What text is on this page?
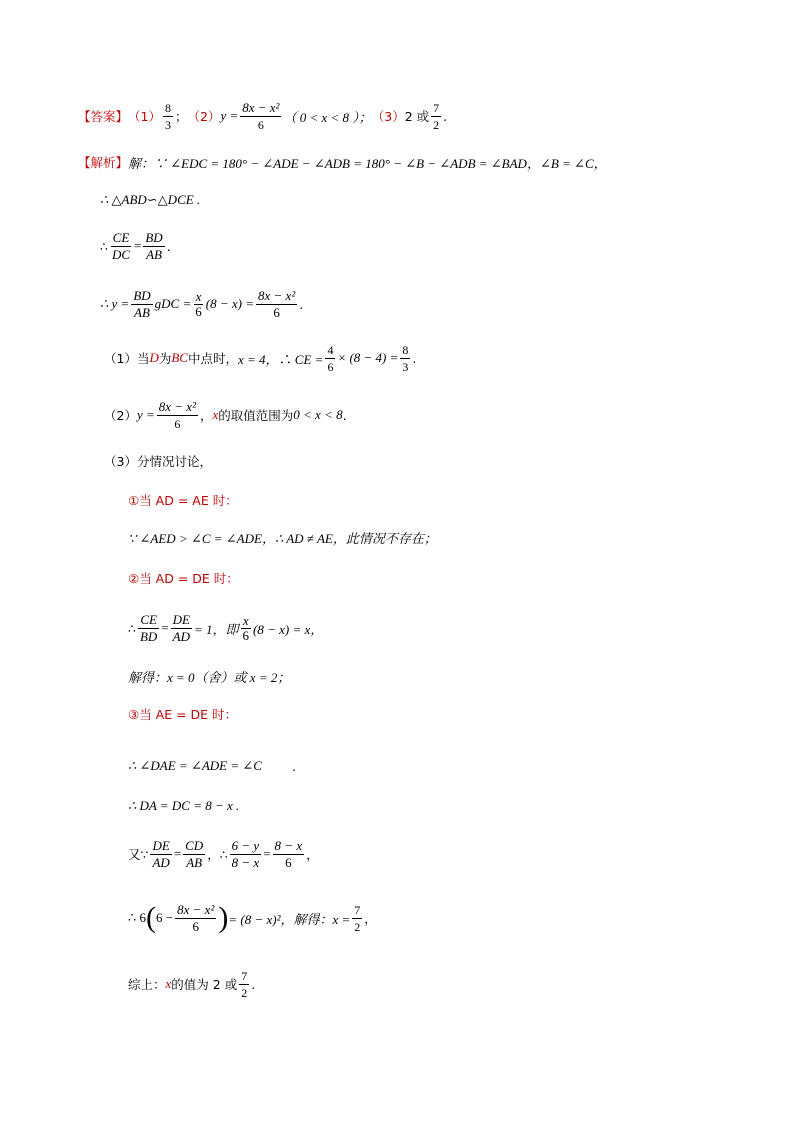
【答案】 $(1) \frac{8}{3}$ ； （2） $y = \frac{\text{8x − x²}}{6}$ （ 0 < x < 8 ）； （3） 2 或 $\frac{7}{2}$ .
【解析】 解：∵ ∠EDC = 180° − ∠ADE − ∠ADB = 180° − ∠B − ∠ADB = ∠BAD，∠B = ∠C，
∴ △ABD∽△DCE .
∴ $\frac{CE}{DC} = \frac{BD}{AB}$ .
∴ $y = \frac{BD}{AB}$ gDC = $\frac{x}{6} (8 - x) = \frac{\text{8x − x²}}{6}$ .
（1）当 D 为 BC 中点时， x = 4，∴ CE = $\frac{4}{6} \times (8 - 4) = \frac{8}{3}$ .
（2） $y = \frac{\text{8x − x²}}{6}$ ， x 的取值范围为 0 < x < 8 .
（3）分情况讨论，
①当 AD = AE 时：
∵ ∠AED > ∠C = ∠ADE，∴ AD ≠ AE，此情况不存在；
②当 AD = DE 时：
∴ $\frac{CE}{BD} = \frac{DE}{AD} = 1$，即 $\frac{x}{6} (8 - x) = x$，
解得：x = 0（舍）或 x = 2；
③当 AE = DE 时：
∴ ∠DAE = ∠ADE = ∠C .
∴ DA = DC = 8 − x .
又∵ $\frac{DE}{AD} = \frac{CD}{AB}$ ，∴ $\frac{6 - y}{8 - x} = \frac{8 - x}{6}$ ，
∴ 6 ( $6 - \frac{\text{8x − x²}}{6}$ ) = (8 − x)²，解得：$x = \frac{7}{2}$ ，
综上： x 的值为 2 或 $\frac{7}{2}$ .
